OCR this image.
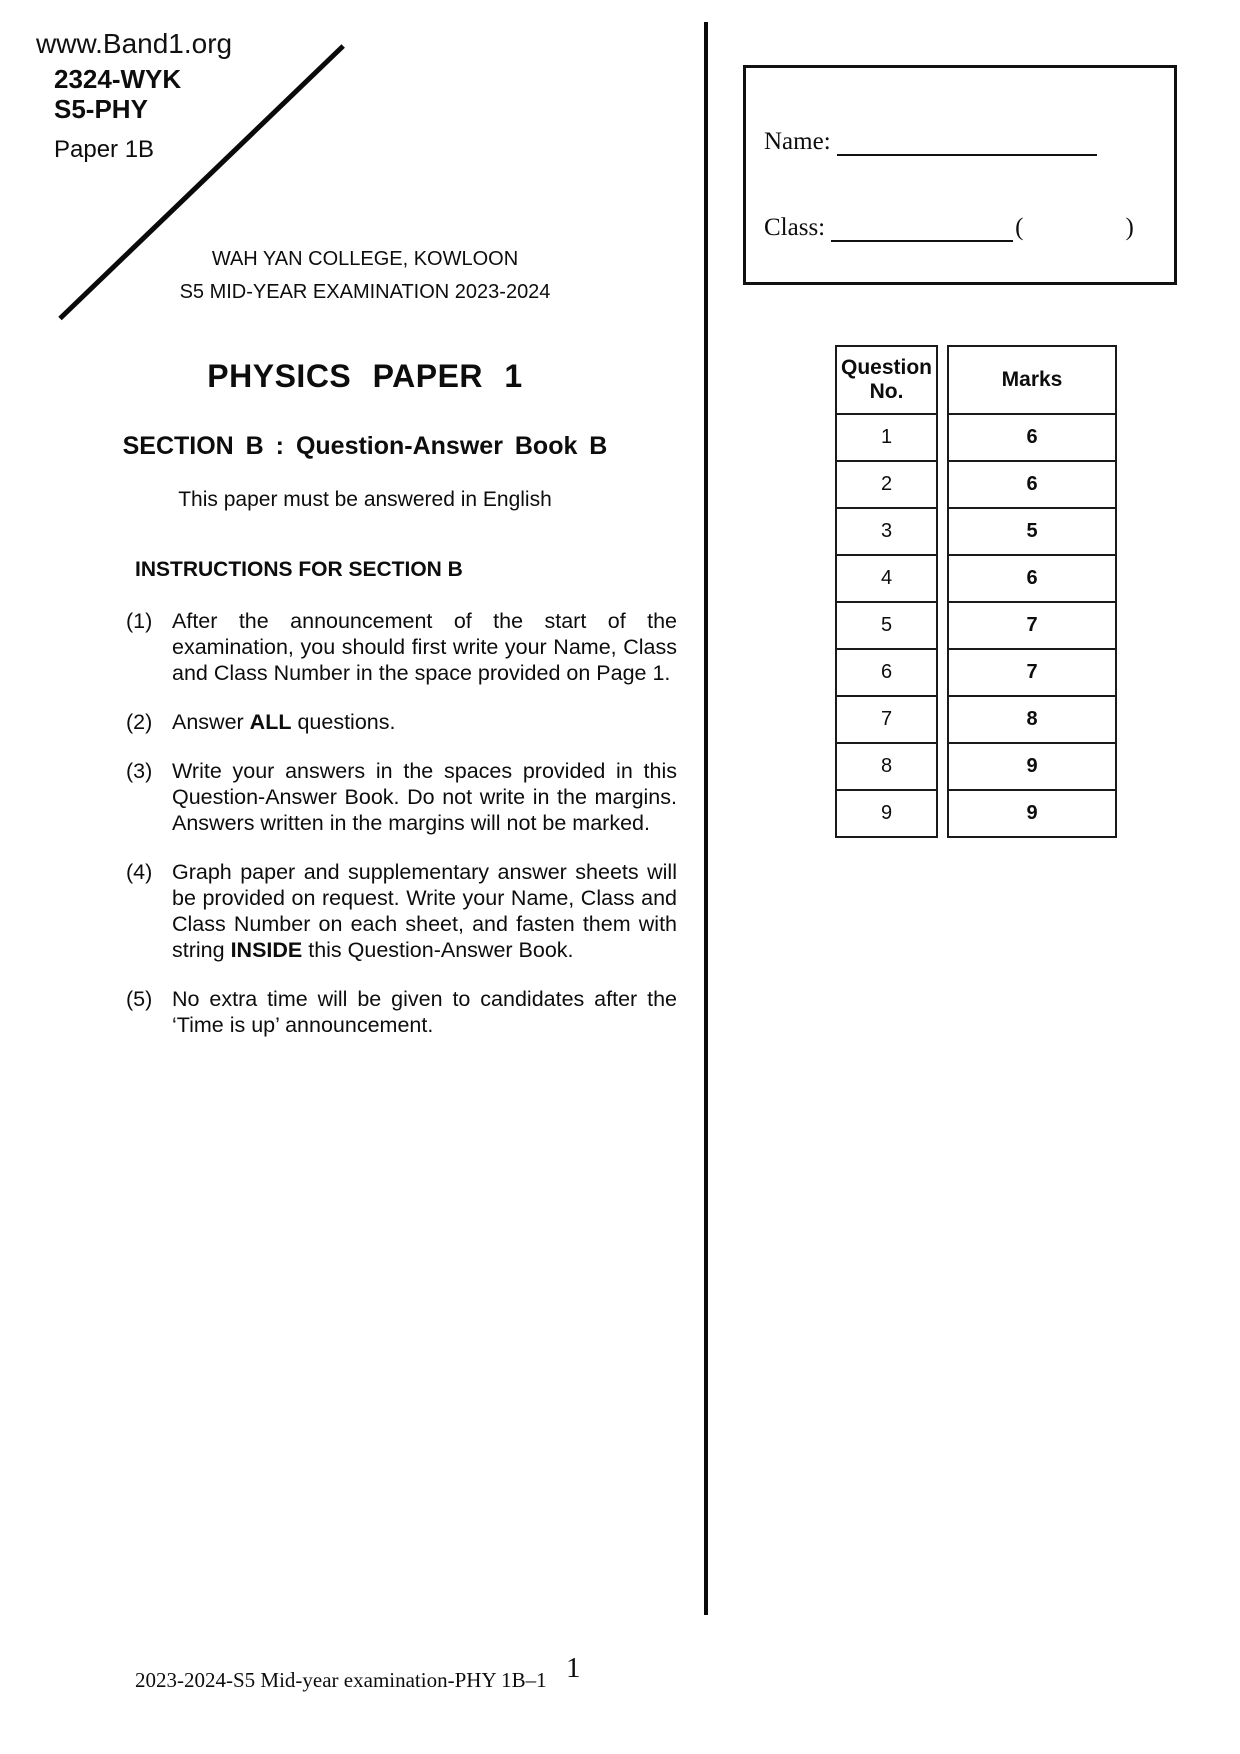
www.Band1.org
2324-WYK
S5-PHY
Paper 1B
WAH YAN COLLEGE, KOWLOON
S5 MID-YEAR EXAMINATION 2023-2024
PHYSICS PAPER 1
SECTION B : Question-Answer Book B
This paper must be answered in English
INSTRUCTIONS FOR SECTION B
(1) After the announcement of the start of the examination, you should first write your Name, Class and Class Number in the space provided on Page 1.
(2) Answer ALL questions.
(3) Write your answers in the spaces provided in this Question-Answer Book. Do not write in the margins. Answers written in the margins will not be marked.
(4) Graph paper and supplementary answer sheets will be provided on request. Write your Name, Class and Class Number on each sheet, and fasten them with string INSIDE this Question-Answer Book.
(5) No extra time will be given to candidates after the ‘Time is up’ announcement.
Name:
Class:	(	)
Question
No.
1
2
3
4
5
6
7
8
9
Marks
6
6
5
6
7
7
8
9
9
2023-2024-S5 Mid-year examination-PHY 1B–1 1
